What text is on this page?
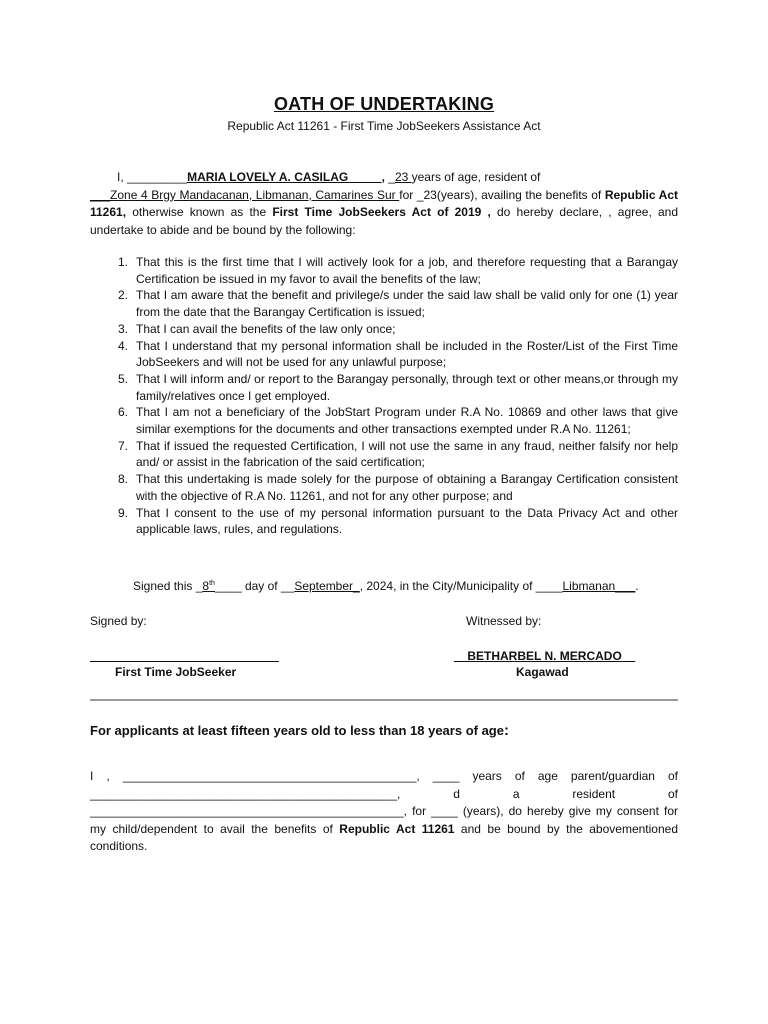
OATH OF UNDERTAKING
Republic Act 11261 - First Time JobSeekers Assistance Act
I, _________MARIA LOVELY A. CASILAG_____, _23 years of age, resident of
___Zone 4 Brgy Mandacanan, Libmanan, Camarines Sur for _23(years), availing the benefits of Republic Act 11261, otherwise known as the First Time JobSeekers Act of 2019 , do hereby declare, , agree, and undertake to abide and be bound by the following:
1. That this is the first time that I will actively look for a job, and therefore requesting that a Barangay Certification be issued in my favor to avail the benefits of the law;
2. That I am aware that the benefit and privilege/s under the said law shall be valid only for one (1) year from the date that the Barangay Certification is issued;
3. That I can avail the benefits of the law only once;
4. That I understand that my personal information shall be included in the Roster/List of the First Time JobSeekers and will not be used for any unlawful purpose;
5. That I will inform and/ or report to the Barangay personally, through text or other means,or through my family/relatives once I get employed.
6. That I am not a beneficiary of the JobStart Program under R.A No. 10869 and other laws that give similar exemptions for the documents and other transactions exempted under R.A No. 11261;
7. That if issued the requested Certification, I will not use the same in any fraud, neither falsify nor help and/ or assist in the fabrication of the said certification;
8. That this undertaking is made solely for the purpose of obtaining a Barangay Certification consistent with the objective of R.A No. 11261, and not for any other purpose; and
9. That I consent to the use of my personal information pursuant to the Data Privacy Act and other applicable laws, rules, and regulations.
Signed this _8th____ day of __September_, 2024, in the City/Municipality of ____Libmanan___.
Signed by:	Witnessed by:
First Time JobSeeker
__BETHARBEL N. MERCADO__
Kagawad
For applicants at least fifteen years old to less than 18 years of age:
I , ____________________________________________, ____ years of age parent/guardian of ______________________________________________, d a resident of _______________________________________________, for ____ (years), do hereby give my consent for my child/dependent to avail the benefits of Republic Act 11261 and be bound by the abovementioned conditions.
